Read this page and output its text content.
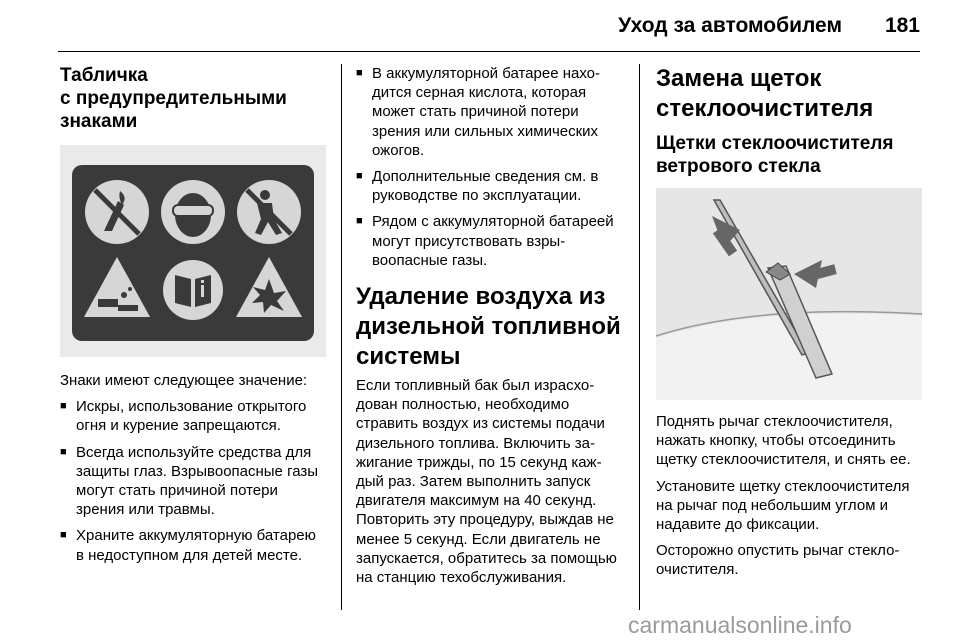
Уход за автомобилем 181
Табличка
с предупредительными
знаками

Знаки имеют следующее значение:

■ Искры, использование открытого огня и курение запрещаются.
■ Всегда используйте средства для защиты глаз. Взрывоопасные газы могут стать причиной потери зрения или травмы.
■ Храните аккумуляторную батарею в недоступном для детей месте.
■ В аккумуляторной батарее находится серная кислота, которая может стать причиной потери зрения или сильных химических ожогов.
■ Дополнительные сведения см. в руководстве по эксплуатации.
■ Рядом с аккумуляторной батареей могут присутствовать взрывоопасные газы.
Удаление воздуха из
дизельной топливной
системы

Если топливный бак был израсходован полностью, необходимо стравить воздух из системы подачи дизельного топлива. Включить зажигание трижды, по 15 секунд каждый раз. Затем выполнить запуск двигателя максимум на 40 секунд. Повторить эту процедуру, выждав не менее 5 секунд. Если двигатель не запускается, обратитесь за помощью на станцию техобслуживания.

Замена щеток
стеклоочистителя
Щетки стеклоочистителя
ветрового стекла

Поднять рычаг стеклоочистителя, нажать кнопку, чтобы отсоединить щетку стеклоочистителя, и снять ее.

Установите щетку стеклоочистителя на рычаг под небольшим углом и надавите до фиксации.

Осторожно опустить рычаг стеклоочистителя.

carmanualsonline.info
